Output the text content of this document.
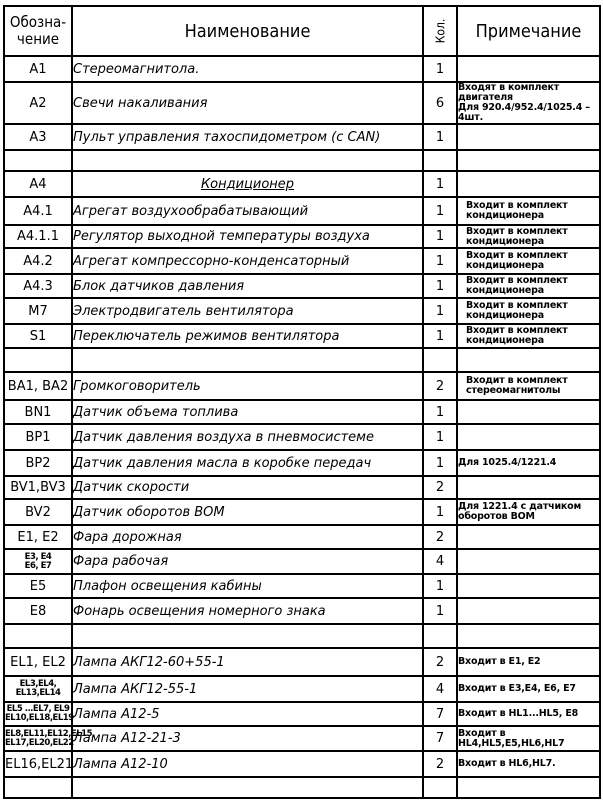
Обозна-
чение	Наименование	Кол.	Примечание
A1	Стереомагнитола.	1	
A2	Свечи накаливания	6	Входят в комплект двигателя
Для 920.4/952.4/1025.4 –4шт.
A3	Пульт управления тахоспидометром (с CAN)	1	

A4	Кондиционер	1	
A4.1	Агрегат воздухообрабатывающий	1	Входит в комплект
кондиционера
A4.1.1	Регулятор выходной температуры воздуха	1	Входит в комплект
кондиционера
A4.2	Агрегат компрессорно-конденсаторный	1	Входит в комплект
кондиционера
A4.3	Блок датчиков давления	1	Входит в комплект
кондиционера
M7	Электродвигатель вентилятора	1	Входит в комплект
кондиционера
S1	Переключатель режимов вентилятора	1	Входит в комплект
кондиционера

BA1, BA2	Громкоговоритель	2	Входит в комплект
стереомагнитолы
BN1	Датчик объема топлива	1	
BP1	Датчик давления воздуха в пневмосистеме	1	
BP2	Датчик давления масла в коробке передач	1	Для 1025.4/1221.4
BV1,BV3	Датчик скорости	2	
BV2	Датчик оборотов ВОМ	1	Для 1221.4 с датчиком
оборотов ВОМ
E1, E2	Фара дорожная	2	
E3, E4
E6, E7	Фара рабочая	4	
E5	Плафон освещения кабины	1	
E8	Фонарь освещения номерного знака	1	

EL1, EL2	Лампа АКГ12-60+55-1	2	Входит в E1, E2
EL3,EL4,
EL13,EL14	Лампа АКГ12-55-1	4	Входит в E3,E4, E6, E7
EL5 ...EL7, EL9
EL10,EL18,EL19	Лампа А12-5	7	Входит в HL1...HL5, E8
EL8,EL11,EL12,EL15,
EL17,EL20,EL22	Лампа А12-21-3	7	Входит в HL4,HL5,E5,HL6,HL7
EL16,EL21	Лампа А12-10	2	Входит в HL6,HL7.
